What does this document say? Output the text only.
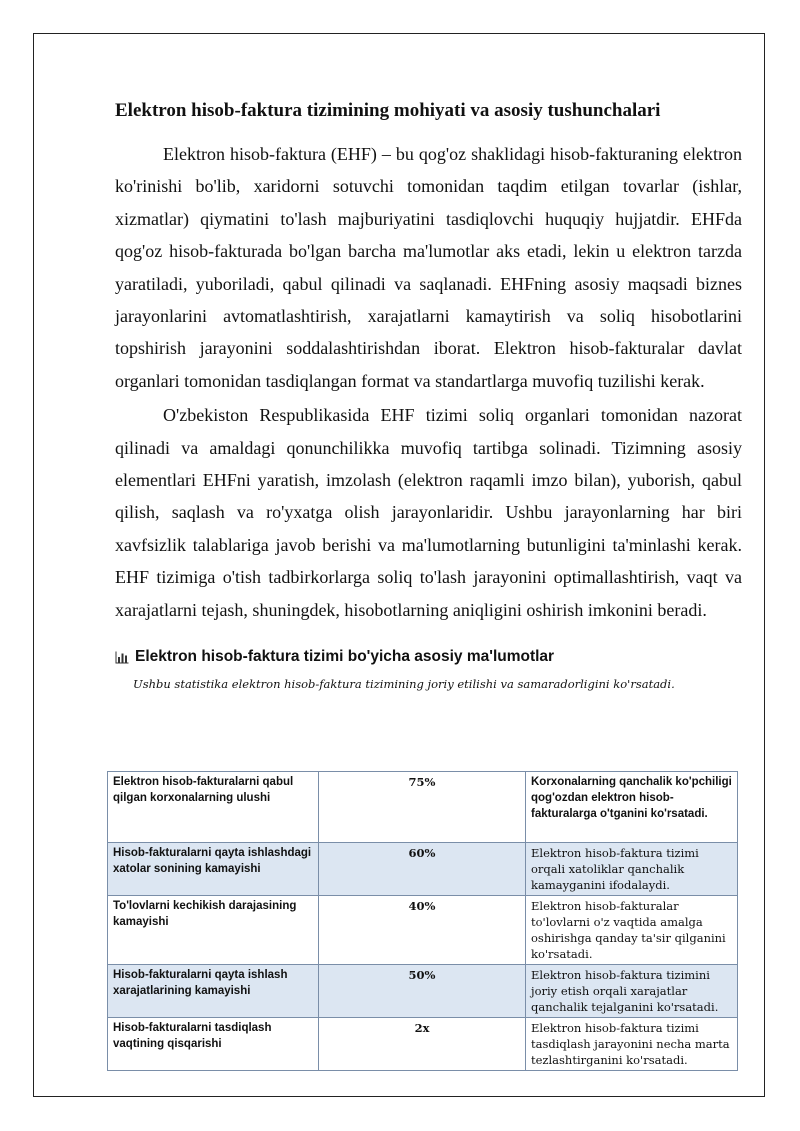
Elektron hisob-faktura tizimining mohiyati va asosiy tushunchalari

Elektron hisob-faktura (EHF) – bu qog'oz shaklidagi hisob-fakturaning elektron ko'rinishi bo'lib, xaridorni sotuvchi tomonidan taqdim etilgan tovarlar (ishlar, xizmatlar) qiymatini to'lash majburiyatini tasdiqlovchi huquqiy hujjatdir. EHFda qog'oz hisob-fakturada bo'lgan barcha ma'lumotlar aks etadi, lekin u elektron tarzda yaratiladi, yuboriladi, qabul qilinadi va saqlanadi. EHFning asosiy maqsadi biznes jarayonlarini avtomatlashtirish, xarajatlarni kamaytirish va soliq hisobotlarini topshirish jarayonini soddalashtirishdan iborat. Elektron hisob-fakturalar davlat organlari tomonidan tasdiqlangan format va standartlarga muvofiq tuzilishi kerak.

O'zbekiston Respublikasida EHF tizimi soliq organlari tomonidan nazorat qilinadi va amaldagi qonunchilikka muvofiq tartibga solinadi. Tizimning asosiy elementlari EHFni yaratish, imzolash (elektron raqamli imzo bilan), yuborish, qabul qilish, saqlash va ro'yxatga olish jarayonlaridir. Ushbu jarayonlarning har biri xavfsizlik talablariga javob berishi va ma'lumotlarning butunligini ta'minlashi kerak. EHF tizimiga o'tish tadbirkorlarga soliq to'lash jarayonini optimallashtirish, vaqt va xarajatlarni tejash, shuningdek, hisobotlarning aniqligini oshirish imkonini beradi.

Elektron hisob-faktura tizimi bo'yicha asosiy ma'lumotlar
Ushbu statistika elektron hisob-faktura tizimining joriy etilishi va samaradorligini ko'rsatadi.
Elektron hisob-fakturalarni qabul qilgan korxonalarning ulushi	75%	Korxonalarning qanchalik ko'pchiligi qog'ozdan elektron hisob-fakturalarga o'tganini ko'rsatadi.
Hisob-fakturalarni qayta ishlashdagi xatolar sonining kamayishi	60%	Elektron hisob-faktura tizimi orqali xatoliklar qanchalik kamayganini ifodalaydi.
To'lovlarni kechikish darajasining kamayishi	40%	Elektron hisob-fakturalar to'lovlarni o'z vaqtida amalga oshirishga qanday ta'sir qilganini ko'rsatadi.
Hisob-fakturalarni qayta ishlash xarajatlarining kamayishi	50%	Elektron hisob-faktura tizimini joriy etish orqali xarajatlar qanchalik tejalganini ko'rsatadi.
Hisob-fakturalarni tasdiqlash vaqtining qisqarishi	2x	Elektron hisob-faktura tizimi tasdiqlash jarayonini necha marta tezlashtirganini ko'rsatadi.
